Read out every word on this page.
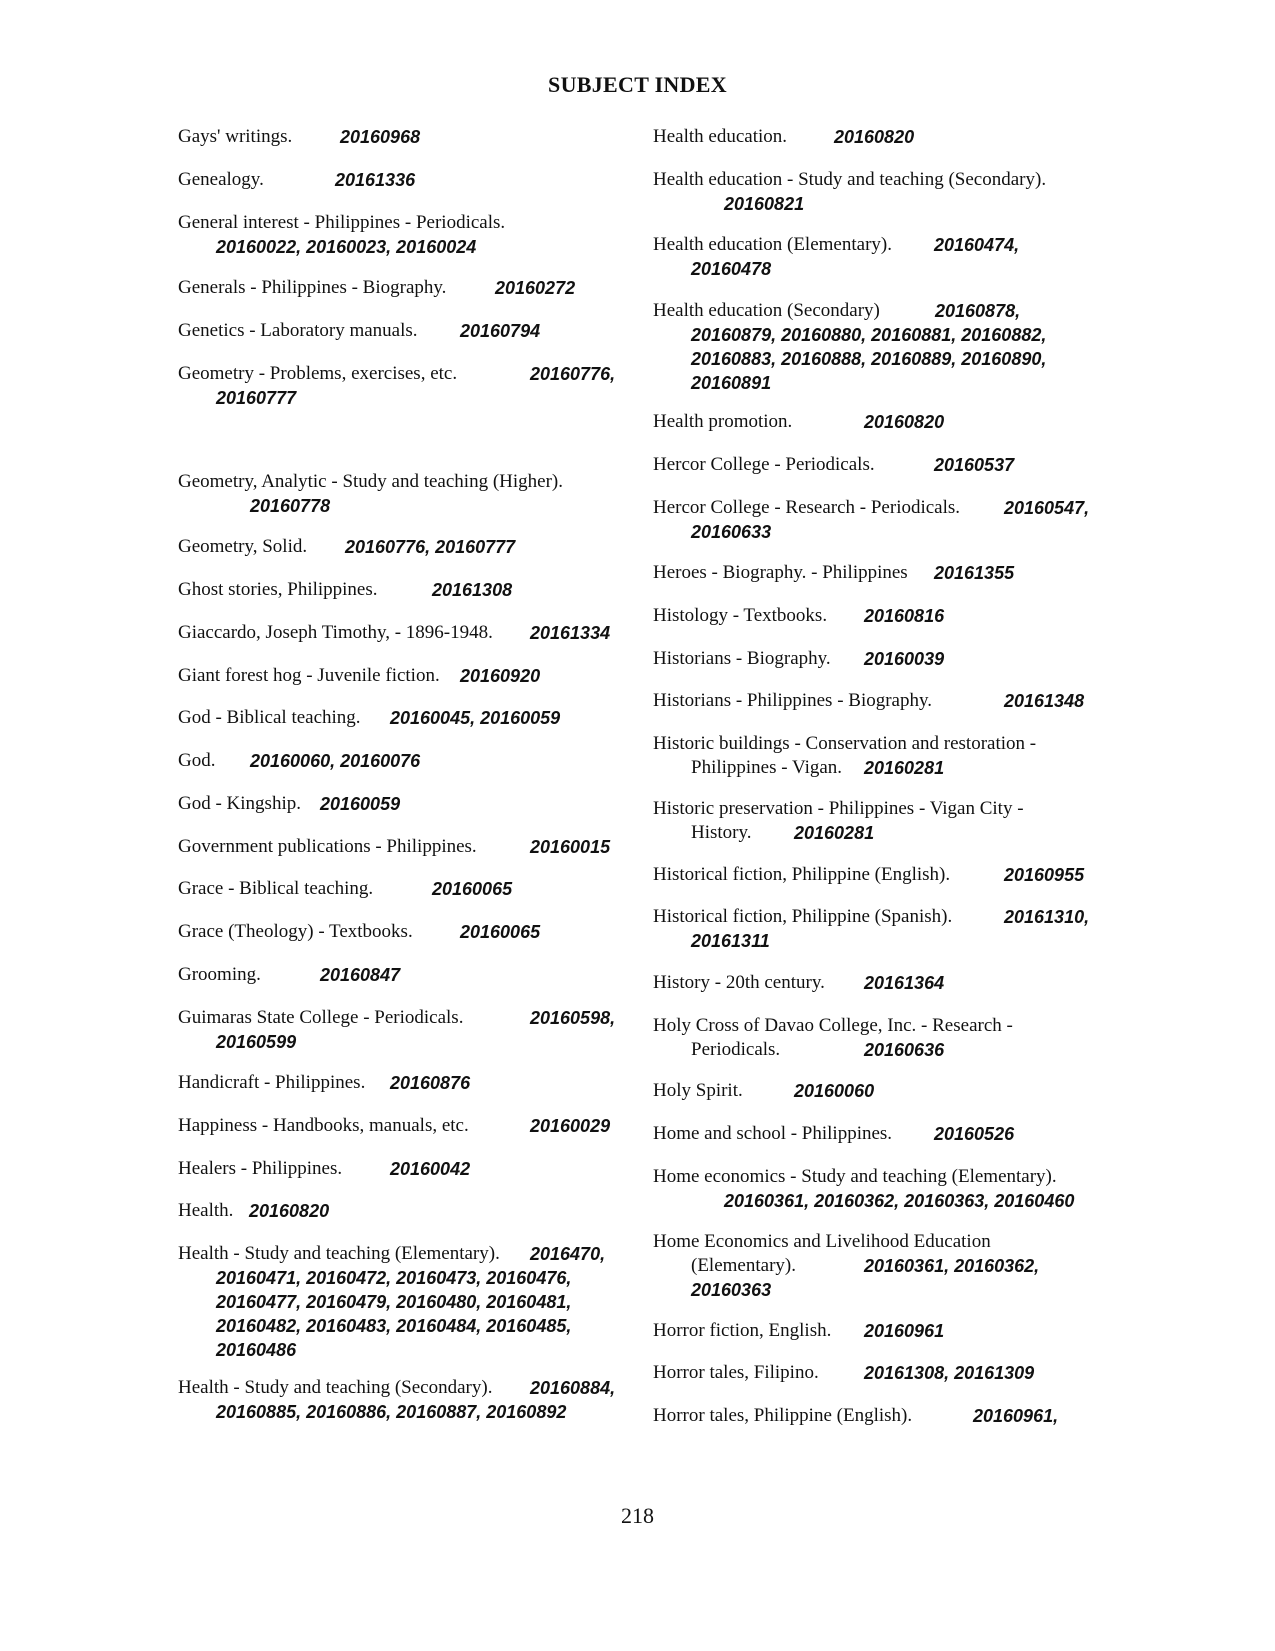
SUBJECT INDEX
Gays' writings.	20160968
Genealogy.	20161336
General interest - Philippines - Periodicals.
20160022, 20160023, 20160024
Generals - Philippines - Biography.	20160272
Genetics - Laboratory manuals. 20160794
Geometry - Problems, exercises, etc.	20160776,
20160777
Geometry, Analytic - Study and teaching (Higher).
20160778
Geometry, Solid. 20160776, 20160777
Ghost stories, Philippines.	20161308
Giaccardo, Joseph Timothy, - 1896-1948. 20161334
Giant forest hog - Juvenile fiction. 20160920
God - Biblical teaching. 20160045, 20160059
God. 20160060, 20160076
God - Kingship. 20160059
Government publications - Philippines.	20160015
Grace - Biblical teaching.	20160065
Grace (Theology) - Textbooks.	20160065
Grooming.	20160847
Guimaras State College - Periodicals.	20160598,
20160599
Handicraft - Philippines. 20160876
Happiness - Handbooks, manuals, etc.	20160029
Healers - Philippines.	20160042
Health. 20160820
Health - Study and teaching (Elementary). 2016470,
20160471, 20160472, 20160473, 20160476,
20160477, 20160479, 20160480, 20160481,
20160482, 20160483, 20160484, 20160485,
20160486
Health - Study and teaching (Secondary). 20160884,
20160885, 20160886, 20160887, 20160892
Health education.	20160820
Health education - Study and teaching (Secondary).
20160821
Health education (Elementary). 20160474,
20160478
Health education (Secondary)	20160878,
20160879, 20160880, 20160881, 20160882,
20160883, 20160888, 20160889, 20160890,
20160891
Health promotion.	20160820
Hercor College - Periodicals.	20160537
Hercor College - Research - Periodicals. 20160547,
20160633
Heroes - Biography. - Philippines 20161355
Histology - Textbooks. 20160816
Historians - Biography. 20160039
Historians - Philippines - Biography.	20161348
Historic buildings - Conservation and restoration -
Philippines - Vigan. 20160281
Historic preservation - Philippines - Vigan City -
History. 20160281
Historical fiction, Philippine (English).	20160955
Historical fiction, Philippine (Spanish).	20161310,
20161311
History - 20th century. 20161364
Holy Cross of Davao College, Inc. - Research -
Periodicals.	20160636
Holy Spirit.	20160060
Home and school - Philippines. 20160526
Home economics - Study and teaching (Elementary).
20160361, 20160362, 20160363, 20160460
Home Economics and Livelihood Education
(Elementary).	20160361, 20160362,
20160363
Horror fiction, English. 20160961
Horror tales, Filipino.	20161308, 20161309
Horror tales, Philippine (English).	20160961,
218
